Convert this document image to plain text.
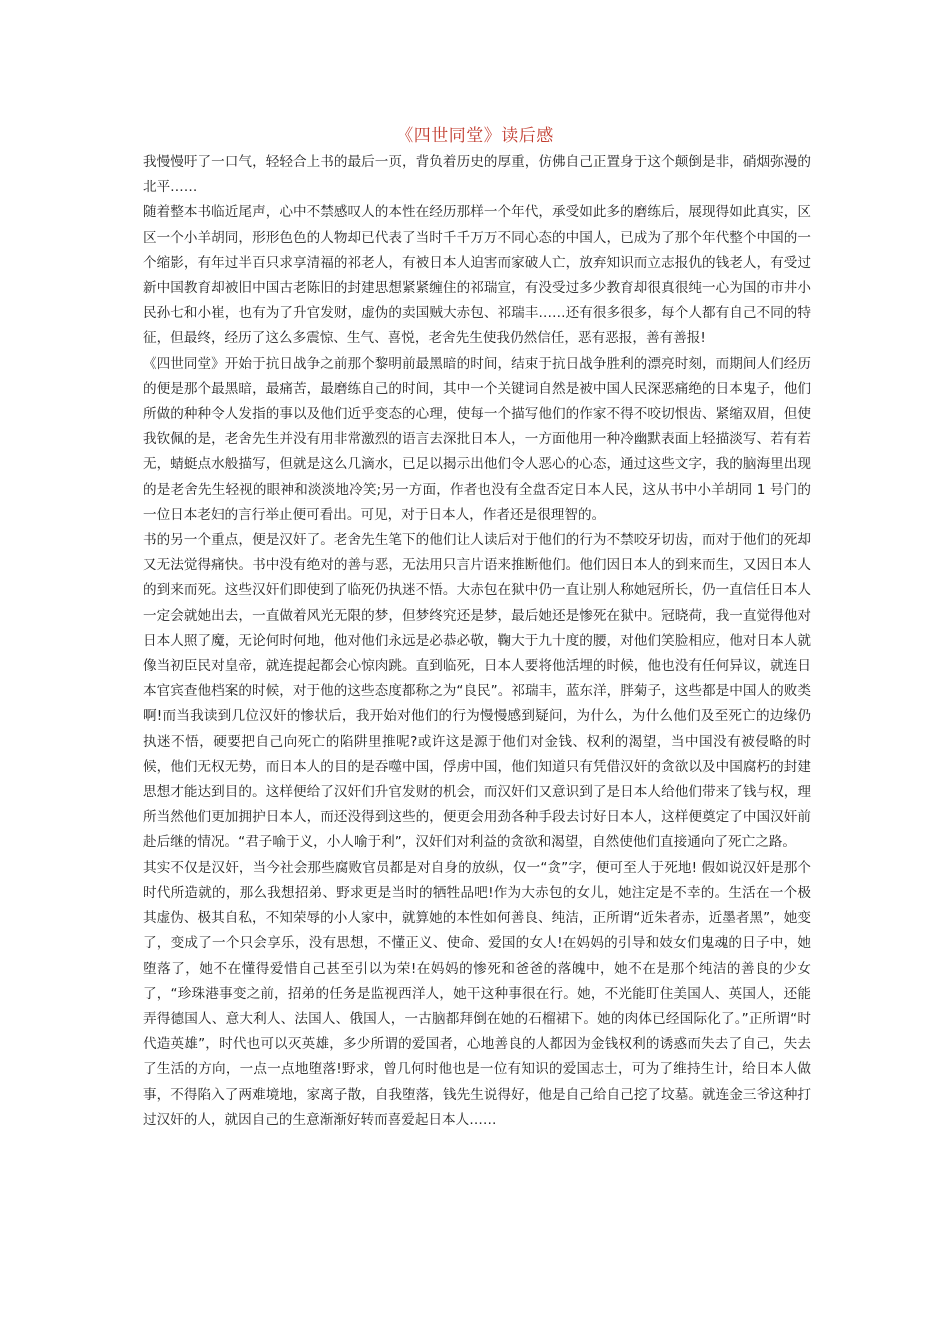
《四世同堂》读后感

我慢慢吁了一口气，轻轻合上书的最后一页，背负着历史的厚重，仿佛自己正置身于这个颠倒是非，硝烟弥漫的北平……

随着整本书临近尾声，心中不禁感叹人的本性在经历那样一个年代，承受如此多的磨练后，展现得如此真实，区区一个小羊胡同，形形色色的人物却已代表了当时千千万万不同心态的中国人，已成为了那个年代整个中国的一个缩影，有年过半百只求享清福的祁老人，有被日本人迫害而家破人亡，放弃知识而立志报仇的钱老人，有受过新中国教育却被旧中国古老陈旧的封建思想紧紧缠住的祁瑞宣，有没受过多少教育却很真很纯一心为国的市井小民孙七和小崔，也有为了升官发财，虚伪的卖国贼大赤包、祁瑞丰……还有很多很多，每个人都有自己不同的特征，但最终，经历了这么多震惊、生气、喜悦，老舍先生使我仍然信任，恶有恶报，善有善报!

《四世同堂》开始于抗日战争之前那个黎明前最黑暗的时间，结束于抗日战争胜利的漂亮时刻，而期间人们经历的便是那个最黑暗，最痛苦，最磨练自己的时间，其中一个关键词自然是被中国人民深恶痛绝的日本鬼子，他们所做的种种令人发指的事以及他们近乎变态的心理，使每一个描写他们的作家不得不咬切恨齿、紧缩双眉，但使我钦佩的是，老舍先生并没有用非常激烈的语言去深批日本人，一方面他用一种冷幽默表面上轻描淡写、若有若无，蜻蜓点水般描写，但就是这么几滴水，已足以揭示出他们令人恶心的心态，通过这些文字，我的脑海里出现的是老舍先生轻视的眼神和淡淡地冷笑;另一方面，作者也没有全盘否定日本人民，这从书中小羊胡同 1 号门的一位日本老妇的言行举止便可看出。可见，对于日本人，作者还是很理智的。

书的另一个重点，便是汉奸了。老舍先生笔下的他们让人读后对于他们的行为不禁咬牙切齿，而对于他们的死却又无法觉得痛快。书中没有绝对的善与恶，无法用只言片语来推断他们。他们因日本人的到来而生，又因日本人的到来而死。这些汉奸们即使到了临死仍执迷不悟。大赤包在狱中仍一直让别人称她冠所长，仍一直信任日本人一定会就她出去，一直做着风光无限的梦，但梦终究还是梦，最后她还是惨死在狱中。冠晓荷，我一直觉得他对日本人照了魔，无论何时何地，他对他们永远是必恭必敬，鞠大于九十度的腰，对他们笑脸相应，他对日本人就像当初臣民对皇帝，就连提起都会心惊肉跳。直到临死，日本人要将他活埋的时候，他也没有任何异议，就连日本官宾查他档案的时候，对于他的这些态度都称之为“良民”。祁瑞丰，蓝东洋，胖菊子，这些都是中国人的败类啊!而当我读到几位汉奸的惨状后，我开始对他们的行为慢慢感到疑问，为什么，为什么他们及至死亡的边缘仍执迷不悟，硬要把自己向死亡的陷阱里推呢?或许这是源于他们对金钱、权利的渴望，当中国没有被侵略的时候，他们无权无势，而日本人的目的是吞噬中国，俘虏中国，他们知道只有凭借汉奸的贪欲以及中国腐朽的封建思想才能达到目的。这样便给了汉奸们升官发财的机会，而汉奸们又意识到了是日本人给他们带来了钱与权，理所当然他们更加拥护日本人，而还没得到这些的，便更会用劲各种手段去讨好日本人，这样便奠定了中国汉奸前赴后继的情况。“君子喻于义，小人喻于利”，汉奸们对利益的贪欲和渴望，自然使他们直接通向了死亡之路。

其实不仅是汉奸，当今社会那些腐败官员都是对自身的放纵，仅一“贪”字，便可至人于死地! 假如说汉奸是那个时代所造就的，那么我想招弟、野求更是当时的牺牲品吧!作为大赤包的女儿，她注定是不幸的。生活在一个极其虚伪、极其自私，不知荣辱的小人家中，就算她的本性如何善良、纯洁，正所谓“近朱者赤，近墨者黑”，她变了，变成了一个只会享乐，没有思想，不懂正义、使命、爱国的女人!在妈妈的引导和妓女们鬼魂的日子中，她堕落了，她不在懂得爱惜自己甚至引以为荣!在妈妈的惨死和爸爸的落魄中，她不在是那个纯洁的善良的少女了，“珍珠港事变之前，招弟的任务是监视西洋人，她干这种事很在行。她，不光能盯住美国人、英国人，还能弄得德国人、意大利人、法国人、俄国人，一古脑都拜倒在她的石榴裙下。她的肉体已经国际化了。”正所谓“时代造英雄”，时代也可以灭英雄，多少所谓的爱国者，心地善良的人都因为金钱权利的诱惑而失去了自己，失去了生活的方向，一点一点地堕落!野求，曾几何时他也是一位有知识的爱国志士，可为了维持生计，给日本人做事，不得陷入了两难境地，家离子散，自我堕落，钱先生说得好，他是自己给自己挖了坟墓。就连金三爷这种打过汉奸的人，就因自己的生意渐渐好转而喜爱起日本人……
